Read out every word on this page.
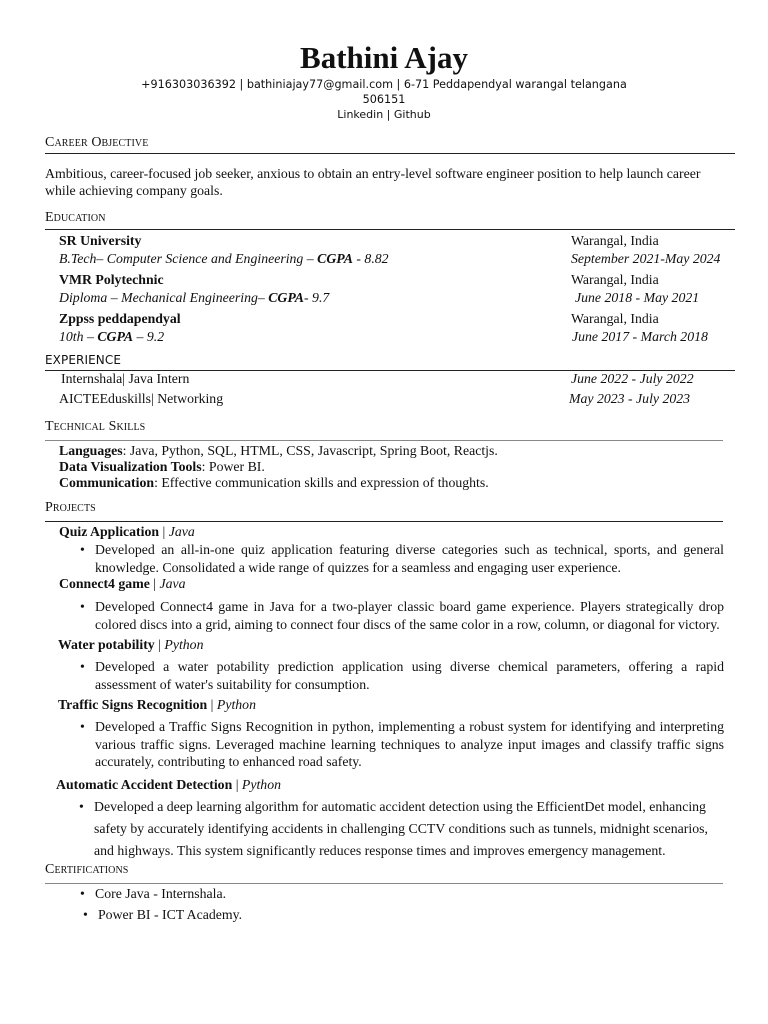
Bathini Ajay
+916303036392 | bathiniajay77@gmail.com | 6-71 Peddapendyal warangal telangana
506151
Linkedin | Github
Career Objective
Ambitious, career-focused job seeker, anxious to obtain an entry-level software engineer position to help launch career while achieving company goals.
Education
SR University	Warangal, India
B.Tech– Computer Science and Engineering – CGPA - 8.82	September 2021-May 2024
VMR Polytechnic	Warangal, India
Diploma – Mechanical Engineering– CGPA- 9.7	June 2018 - May 2021
Zppss peddapendyal	Warangal, India
10th – CGPA – 9.2	June 2017 - March 2018
EXPERIENCE
Internshala| Java Intern	June 2022 - July 2022
AICTEEduskills| Networking	May 2023 - July 2023
Technical Skills
Languages: Java, Python, SQL, HTML, CSS, Javascript, Spring Boot, Reactjs.
Data Visualization Tools: Power BI.
Communication: Effective communication skills and expression of thoughts.
Projects
Quiz Application | Java
• Developed an all-in-one quiz application featuring diverse categories such as technical, sports, and general knowledge. Consolidated a wide range of quizzes for a seamless and engaging user experience.
Connect4 game | Java
• Developed Connect4 game in Java for a two-player classic board game experience. Players strategically drop colored discs into a grid, aiming to connect four discs of the same color in a row, column, or diagonal for victory.
Water potability | Python
• Developed a water potability prediction application using diverse chemical parameters, offering a rapid assessment of water's suitability for consumption.
Traffic Signs Recognition | Python
• Developed a Traffic Signs Recognition in python, implementing a robust system for identifying and interpreting various traffic signs. Leveraged machine learning techniques to analyze input images and classify traffic signs accurately, contributing to enhanced road safety.
Automatic Accident Detection | Python
• Developed a deep learning algorithm for automatic accident detection using the EfficientDet model, enhancing safety by accurately identifying accidents in challenging CCTV conditions such as tunnels, midnight scenarios, and highways. This system significantly reduces response times and improves emergency management.
Certifications
• Core Java - Internshala.
• Power BI - ICT Academy.
